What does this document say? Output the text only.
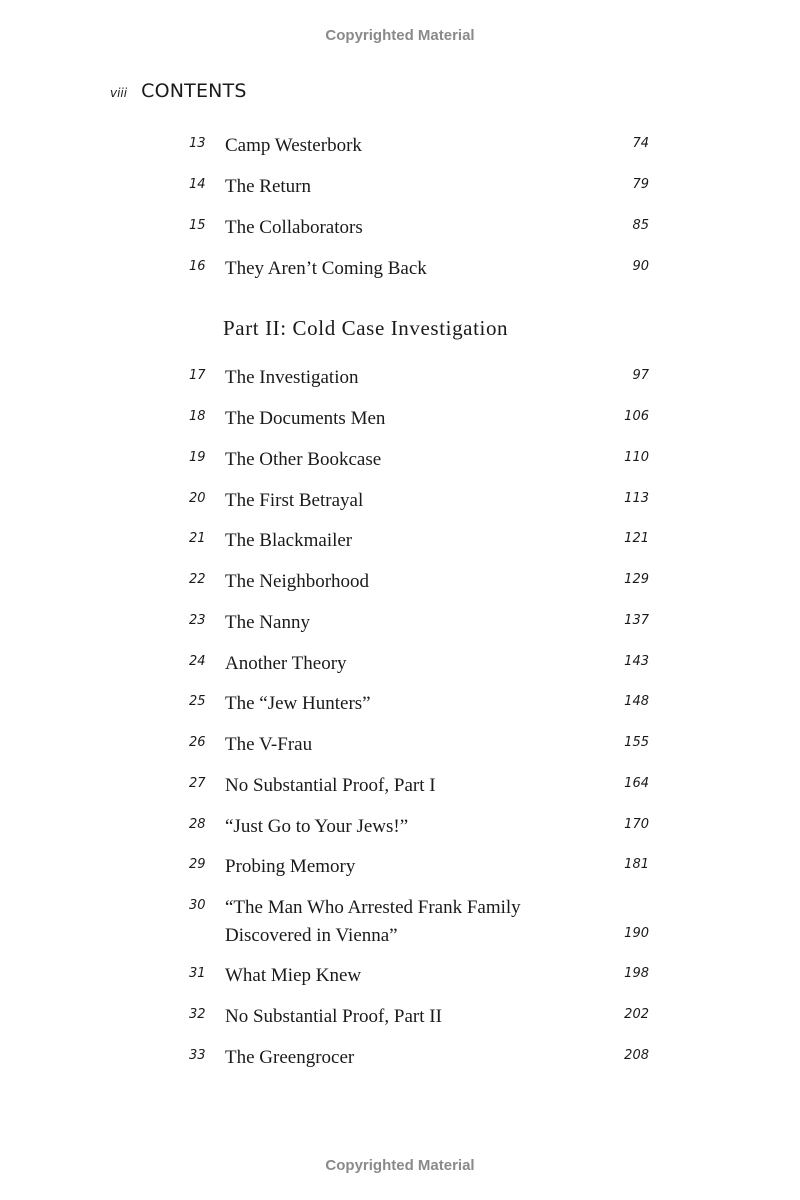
Copyrighted Material
viii CONTENTS
13 Camp Westerbork	74
14 The Return	79
15 The Collaborators	85
16 They Aren’t Coming Back	90
Part II: Cold Case Investigation
17 The Investigation	97
18 The Documents Men	106
19 The Other Bookcase	110
20 The First Betrayal	113
21 The Blackmailer	121
22 The Neighborhood	129
23 The Nanny	137
24 Another Theory	143
25 The “Jew Hunters”	148
26 The V-Frau	155
27 No Substantial Proof, Part I	164
28 “Just Go to Your Jews!”	170
29 Probing Memory	181
30 “The Man Who Arrested Frank Family
Discovered in Vienna”	190
31 What Miep Knew	198
32 No Substantial Proof, Part II	202
33 The Greengrocer	208
Copyrighted Material
